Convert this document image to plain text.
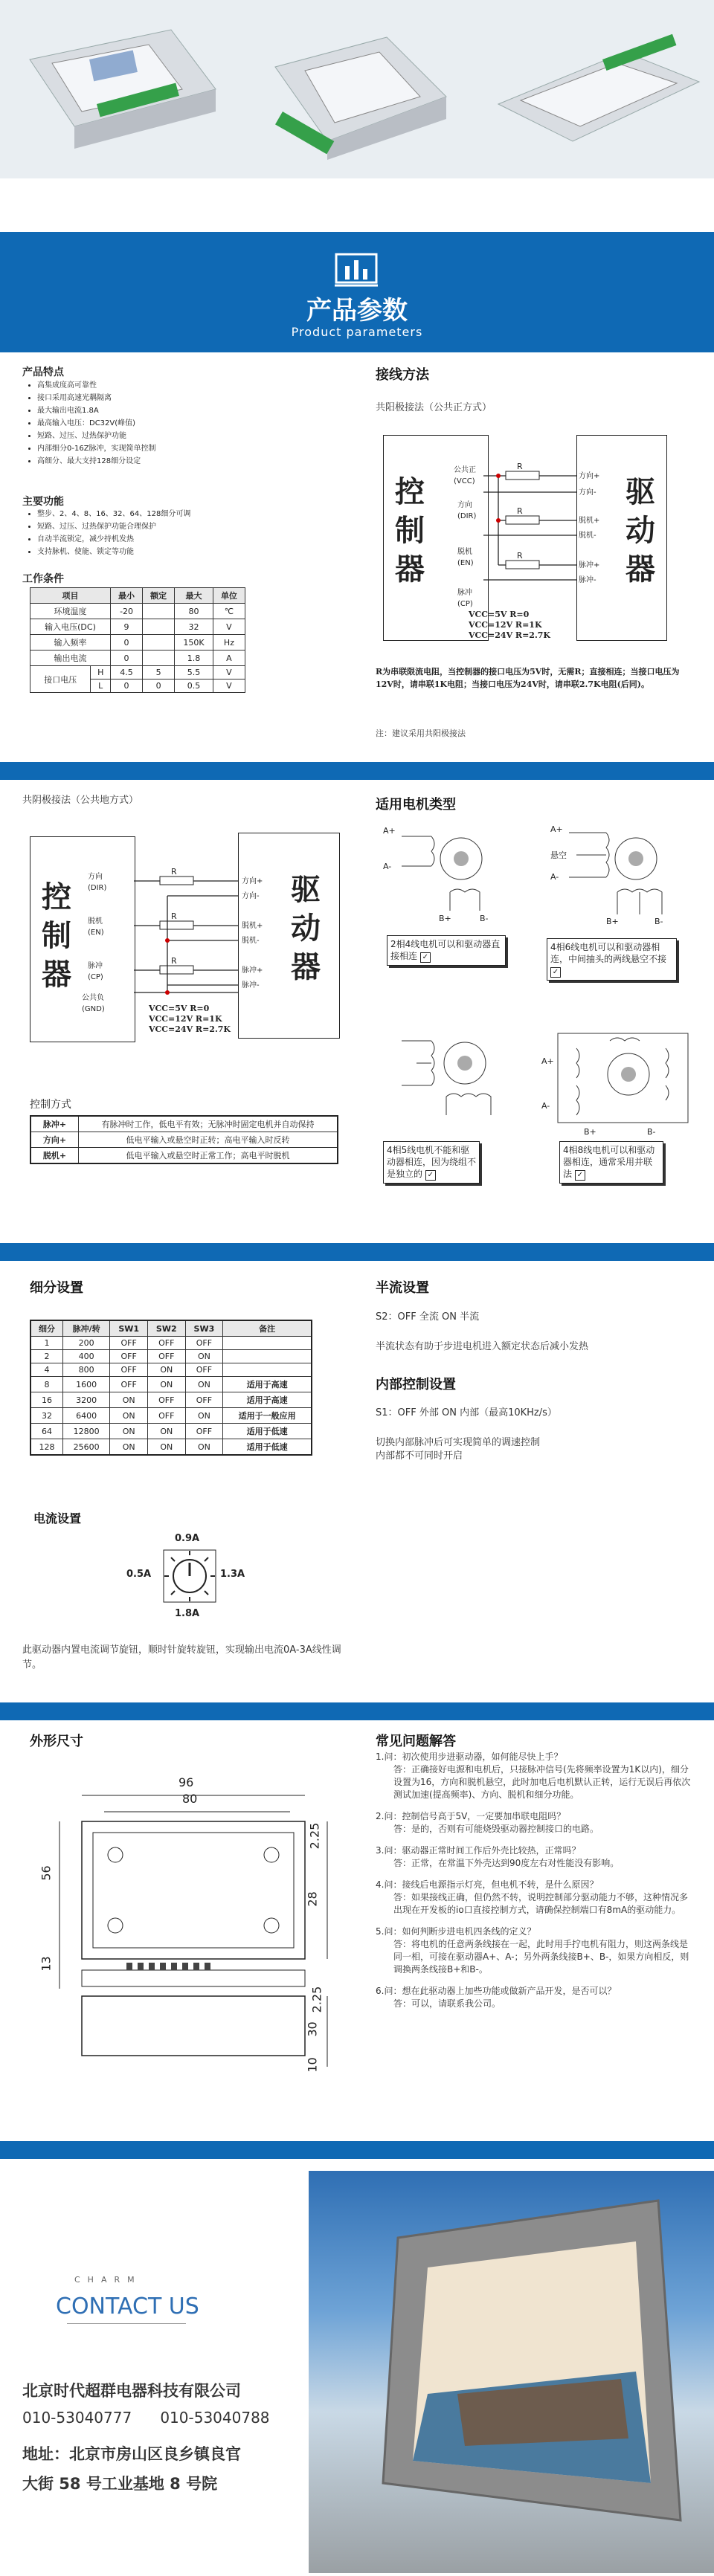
产品参数
Product parameters
产品特点
• 高集成度高可靠性
• 接口采用高速光耦隔离
• 最大输出电流1.8A
• 最高输入电压：DC32V(峰值)
• 短路、过压、过热保护功能
• 内部细分0-16Z脉冲，实现简单控制
• 高细分、最大支持128细分设定
主要功能
• 整步、2、4、8、16、32、64、128细分可调
• 短路、过压、过热保护功能合理保护
• 自动半流锁定，减少持机发热
• 支持脉机、使能、锁定等功能
工作条件
项目		最小	额定	最大	单位
环境温度		-20		80	℃
输入电压(DC)		9		32	V
输入频率		0		150K	Hz
输出电流		0		1.8	A
接口电压	H	4.5	5	5.5	V
	L	0	0	0.5	V
接线方法
共阳极接法（公共正方式）
控
制
器
驱
动
器
R
R
R
公共正
(VCC)
方向
(DIR)
脱机
(EN)
脉冲
(CP)
方向+
方向-
脱机+
脱机-
脉冲+
脉冲-
VCC=5V R=0
VCC=12V R=1K
VCC=24V R=2.7K
R为串联限流电阻，当控制器的接口电压为5V时，无需R；直接相连；当接口电压为12V时，请串联1K电阻；当接口电压为24V时，请串联2.7K电阻(后同)。
注：建议采用共阳极接法
共阴极接法（公共地方式）
控
制
器
驱
动
器
R
R
R
方向
(DIR)
脱机
(EN)
脉冲
(CP)
公共负
(GND)
方向+
方向-
脱机+
脱机-
脉冲+
脉冲-
VCC=5V R=0
VCC=12V R=1K
VCC=24V R=2.7K
控制方式
脉冲+	有脉冲时工作，低电平有效；无脉冲时固定电机并自动保持
方向+	低电平输入或悬空时正转；高电平输入时反转
脱机+	低电平输入或悬空时正常工作；高电平时脱机
适用电机类型
A+
A-
B+	B-
2相4线电机可以和驱动器直接相连 ✓
A+
悬空
A-
B+	B-
4相6线电机可以和驱动器相连，中间抽头的两线悬空不接 ✓
4相5线电机不能和驱动器相连，因为绕组不是独立的 ✓
A+
A-
B+	B-
4相8线电机可以和驱动器相连，通常采用并联法 ✓
细分设置
细分	脉冲/转	SW1	SW2	SW3	备注
1	200	OFF	OFF	OFF	
2	400	OFF	OFF	ON	
4	800	OFF	ON	OFF	
8	1600	OFF	ON	ON	适用于高速
16	3200	ON	OFF	OFF	适用于高速
32	6400	ON	OFF	ON	适用于一般应用
64	12800	ON	ON	OFF	适用于低速
128	25600	ON	ON	ON	适用于低速
电流设置
0.9A
0.5A	1.3A
1.8A
此驱动器内置电流调节旋钮，顺时针旋转旋钮，实现输出电流0A-3A线性调节。
半流设置
S2：OFF 全流 ON 半流
半流状态有助于步进电机进入额定状态后减小发热
内部控制设置
S1：OFF 外部 ON 内部（最高10KHz/s）
切换内部脉冲后可实现简单的调速控制
内部都不可同时开启
外形尺寸
96
80
56
2.25
28
13
2.25
30
10
常见问题解答
1.问：初次使用步进驱动器，如何能尽快上手？
答：正确接好电源和电机后，只接脉冲信号(先将频率设置为1K以内)，细分设置为16，方向和脱机悬空，此时加电后电机默认正转，运行无误后再依次测试加速(提高频率)、方向、脱机和细分功能。
2.问：控制信号高于5V，一定要加串联电阻吗？
答：是的，否则有可能烧毁驱动器控制接口的电路。
3.问：驱动器正常时间工作后外壳比较热，正常吗？
答：正常，在常温下外壳达到90度左右对性能没有影响。
4.问：接线后电源指示灯亮，但电机不转，是什么原因？
答：如果接线正确，但仍然不转，说明控制部分驱动能力不够，这种情况多出现在开发板的io口直接控制方式，请确保控制端口有8mA的驱动能力。
5.问：如何判断步进电机四条线的定义？
答：将电机的任意两条线接在一起，此时用手拧电机有阻力，则这两条线是同一相，可接在驱动器A+、A-；另外两条线接B+、B-，如果方向相反，则调换两条线接B+和B-。
6.问：想在此驱动器上加些功能或做新产品开发，是否可以？
答：可以，请联系我公司。
CHARM
CONTACT US
北京时代超群电器科技有限公司
010-53040777      010-53040788
地址：北京市房山区良乡镇良官
大街 58 号工业基地 8 号院
